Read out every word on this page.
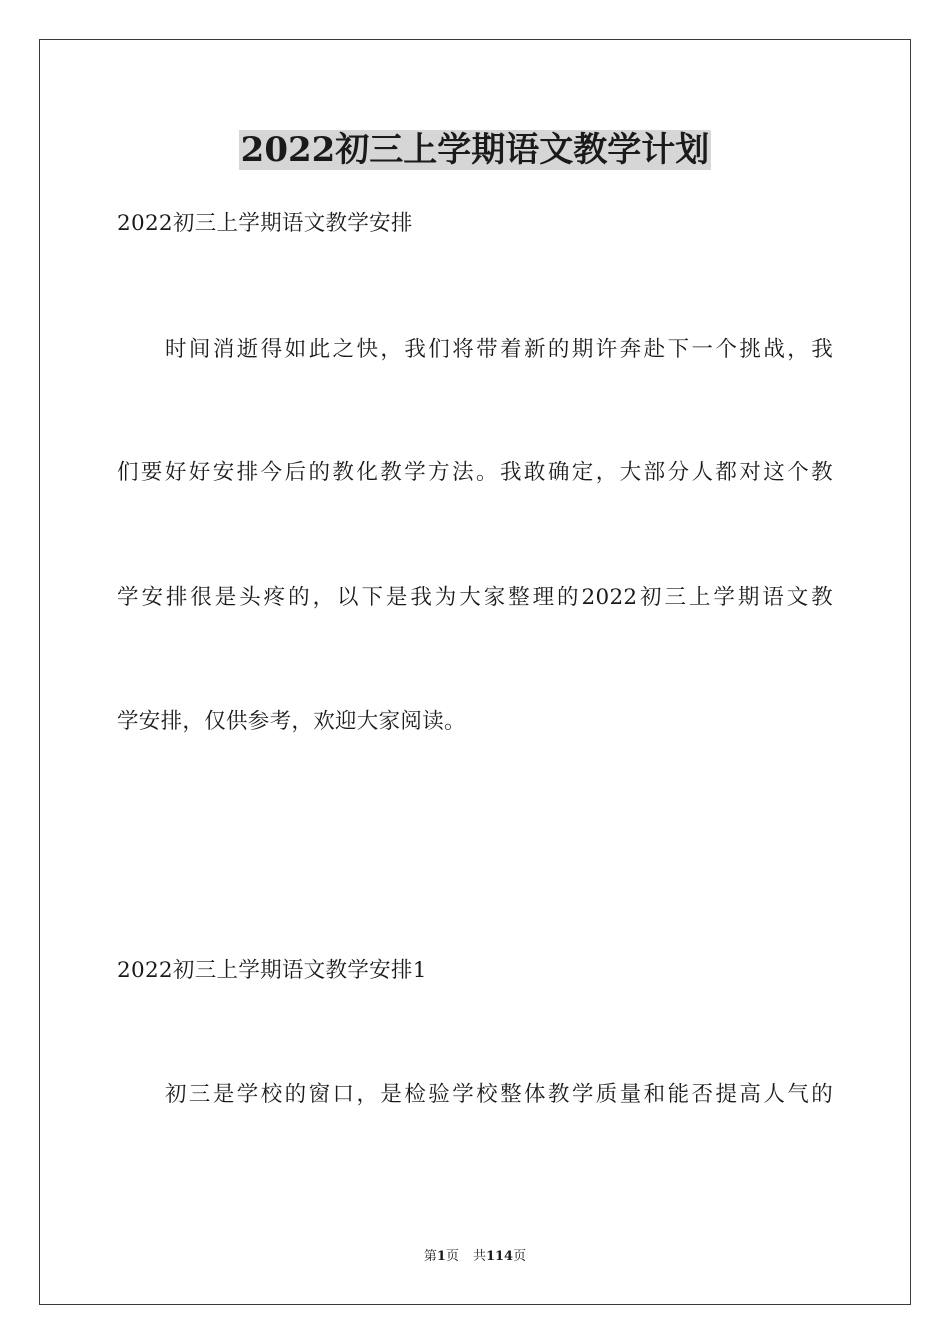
2022初三上学期语文教学计划
2022初三上学期语文教学安排
时间消逝得如此之快，我们将带着新的期许奔赴下一个挑战，我
们要好好安排今后的教化教学方法。我敢确定，大部分人都对这个教
学安排很是头疼的，以下是我为大家整理的2022初三上学期语文教
学安排，仅供参考，欢迎大家阅读。
2022初三上学期语文教学安排1
初三是学校的窗口，是检验学校整体教学质量和能否提高人气的
第1页 共114页
